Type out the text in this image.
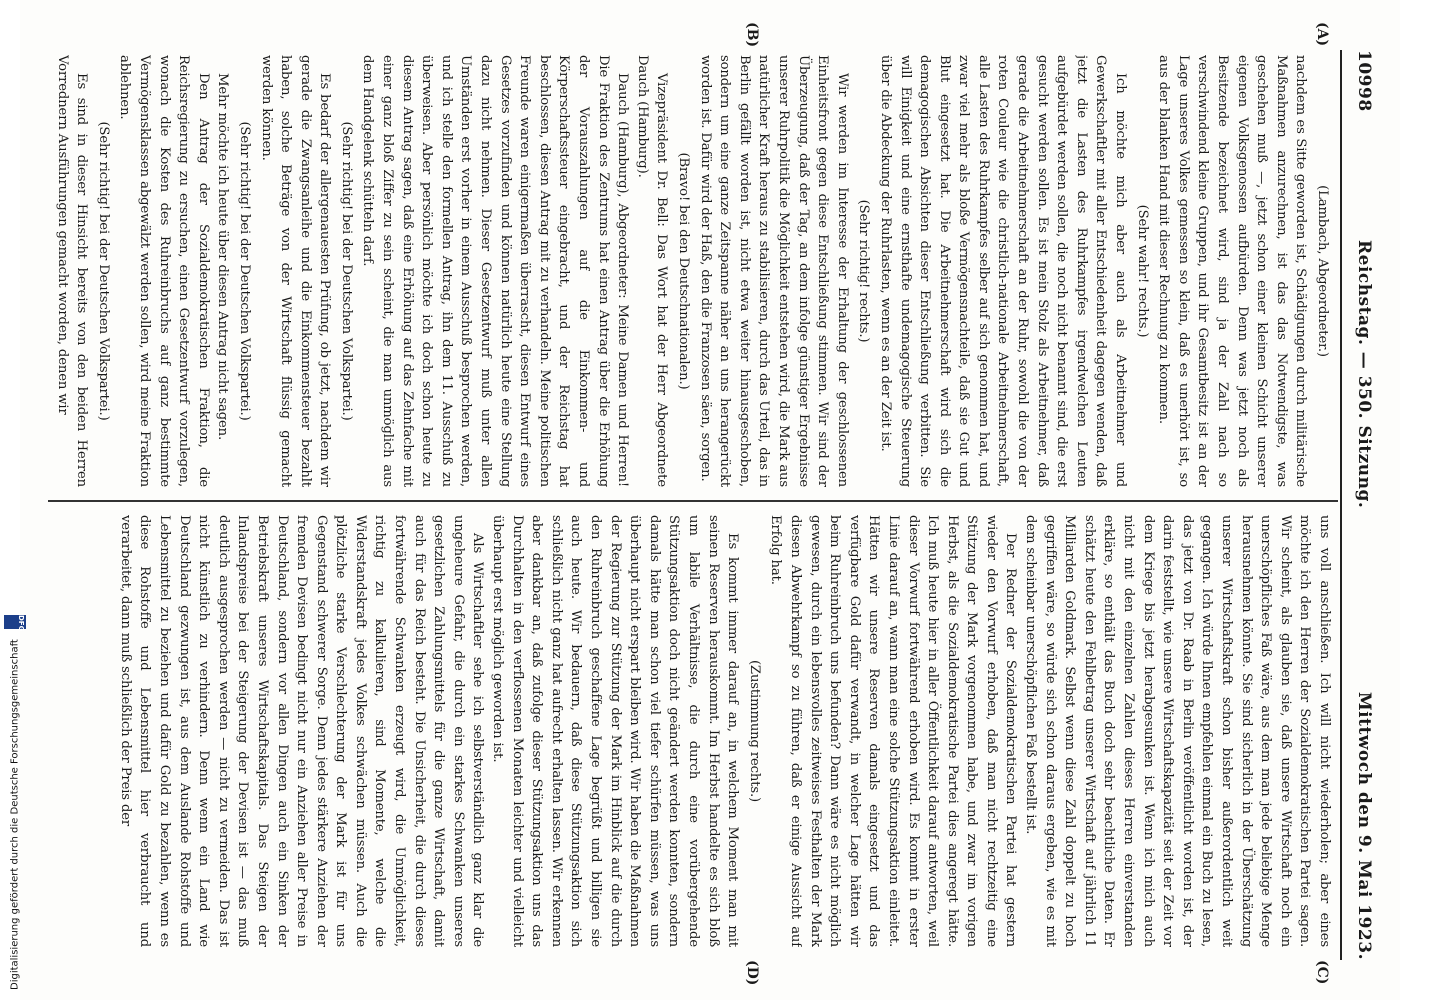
10998
Reichstag. — 350. Sitzung.
Mittwoch den 9. Mai 1923.
(A)
(B)
(C)
(D)

(Lambach, Abgeordneter.)

nachdem es Sitte geworden ist, Schädigungen durch militärische Maßnahmen anzurechnen, ist das das Notwendigste, was geschehen muß —, jetzt schon einer kleinen Schicht unserer eigenen Volksgenossen aufbürden. Denn was jetzt noch als Besitzende bezeichnet wird, sind ja der Zahl nach so verschwindend kleine Gruppen, und ihr Gesamtbesitz ist an der Lage unseres Volkes gemessen so klein, daß es unerhört ist, so aus der blanken Hand mit dieser Rechnung zu kommen.

(Sehr wahr! rechts.)

Ich möchte mich aber auch als Arbeitnehmer und Gewerkschaftler mit aller Entschiedenheit dagegen wenden, daß jetzt die Lasten des Ruhrkampfes irgendwelchen Leuten aufgebürdet werden sollen, die noch nicht benannt sind, die erst gesucht werden sollen. Es ist mein Stolz als Arbeitnehmer, daß gerade die Arbeitnehmerschaft an der Ruhr, sowohl die von der roten Couleur wie die christlich-nationale Arbeitnehmerschaft, alle Lasten des Ruhrkampfes selber auf sich genommen hat, und zwar viel mehr als bloße Vermögensnachteile, daß sie Gut und Blut eingesetzt hat. Die Arbeitnehmerschaft wird sich die demagogischen Absichten dieser Entschließung verbitten. Sie will Einigkeit und eine ernsthafte undemagogische Steuerung über die Abdeckung der Ruhrlasten, wenn es an der Zeit ist.

(Sehr richtig! rechts.)

Wir werden im Interesse der Erhaltung der geschlossenen Einheitsfront gegen diese Entschließung stimmen. Wir sind der Überzeugung, daß der Tag, an dem infolge günstiger Ergebnisse unserer Ruhrpolitik die Möglichkeit entstehen wird, die Mark aus natürlicher Kraft heraus zu stabilisieren, durch das Urteil, das in Berlin gefällt worden ist, nicht etwa weiter hinausgeschoben, sondern um eine ganze Zeitspanne näher an uns herangerückt worden ist. Dafür wird der Haß, den die Franzosen säen, sorgen.

(Bravo! bei den Deutschnationalen.)

Vizepräsident Dr. Bell: Das Wort hat der Herr Abgeordnete Dauch (Hamburg).

Dauch (Hamburg), Abgeordneter: Meine Damen und Herren! Die Fraktion des Zentrums hat einen Antrag über die Erhöhung der Vorauszahlungen auf die Einkommen- und Körperschaftssteuer eingebracht, und der Reichstag hat beschlossen, diesen Antrag mit zu verhandeln. Meine politischen Freunde waren einigermaßen überrascht, diesen Entwurf eines Gesetzes vorzufinden und können natürlich heute eine Stellung dazu nicht nehmen. Dieser Gesetzentwurf muß unter allen Umständen erst vorher in einem Ausschuß besprochen werden, und ich stelle den formellen Antrag, ihn dem 11. Ausschuß zu überweisen. Aber persönlich möchte ich doch schon heute zu diesem Antrag sagen, daß eine Erhöhung auf das Zehnfache mit einer ganz bloß Ziffer zu sein scheint, die man unmöglich aus dem Handgelenk schütteln darf.

(Sehr richtig! bei der Deutschen Volkspartei.)

Es bedarf der allergenauesten Prüfung, ob jetzt, nachdem wir gerade die Zwangsanleihe und die Einkommensteuer bezahlt haben, solche Beträge von der Wirtschaft flüssig gemacht werden können.

(Sehr richtig! bei der Deutschen Volkspartei.)

Mehr möchte ich heute über diesen Antrag nicht sagen.

Den Antrag der Sozialdemokratischen Fraktion, die Reichsregierung zu ersuchen, einen Gesetzentwurf vorzulegen, wonach die Kosten des Ruhreinbruchs auf ganz bestimmte Vermögensklassen abgewälzt werden sollen, wird meine Fraktion ablehnen.

(Sehr richtig! bei der Deutschen Volkspartei.)

Es sind in dieser Hinsicht bereits von den beiden Herren Vorrednern Ausführungen gemacht worden, denen wir

uns voll anschließen. Ich will nicht wiederholen; aber eines möchte ich den Herren der Sozialdemokratischen Partei sagen. Wir scheint, als glauben sie, daß unsere Wirtschaft noch ein unerschöpfliches Faß wäre, aus dem man jede beliebige Menge herausnehmen könnte. Sie sind sicherlich in der Überschätzung unserer Wirtschaftskraft schon bisher außerordentlich weit gegangen. Ich würde Ihnen empfehlen einmal ein Buch zu lesen, das jetzt von Dr. Raab in Berlin veröffentlicht worden ist, der darin feststellt, wie unsere Wirtschaftskapazität seit der Zeit vor dem Kriege bis jetzt herabgesunken ist. Wenn ich mich auch nicht mit den einzelnen Zahlen dieses Herren einverstanden erkläre, so enthält das Buch doch sehr beachtliche Daten. Er schätzt heute den Fehlbetrag unserer Wirtschaft auf jährlich 11 Milliarden Goldmark. Selbst wenn diese Zahl doppelt zu hoch gegriffen wäre, so würde sich schon daraus ergeben, wie es mit dem scheinbar unerschöpflichen Faß bestellt ist.

Der Redner der Sozialdemokratischen Partei hat gestern wieder den Vorwurf erhoben, daß man nicht rechtzeitig eine Stützung der Mark vorgenommen habe, und zwar im vorigen Herbst, als die Sozialdemokratische Partei dies angeregt hätte. Ich muß heute hier in aller Öffentlichkeit darauf antworten, weil dieser Vorwurf fortwährend erhoben wird. Es kommt in erster Linie darauf an, wann man eine solche Stützungsaktion einleitet. Hätten wir unsere Reserven damals eingesetzt und das verfügbare Gold dafür verwandt, in welcher Lage hätten wir beim Ruhreinbruch uns befunden? Dann wäre es nicht möglich gewesen, durch ein lebensvolles zeitweises Festhalten der Mark diesen Abwehrkampf so zu führen, daß er einige Aussicht auf Erfolg hat.

(Zustimmung rechts.)

Es kommt immer darauf an, in welchem Moment man mit seinen Reserven herauskommt. Im Herbst handelte es sich bloß um labile Verhältnisse, die durch eine vorübergehende Stützungsaktion doch nicht geändert werden konnten, sondern damals hätte man schon viel tiefer schürfen müssen, was uns überhaupt nicht erspart bleiben wird. Wir haben die Maßnahmen der Regierung zur Stützung der Mark im Hinblick auf die durch den Ruhreinbruch geschaffene Lage begrüßt und billigen sie auch heute. Wir bedauern, daß diese Stützungsaktion sich schließlich nicht ganz hat aufrecht erhalten lassen. Wir erkennen aber dankbar an, daß zufolge dieser Stützungsaktion uns das Durchhalten in den verflossenen Monaten leichter und vielleicht überhaupt erst möglich geworden ist.

Als Wirtschaftler sehe ich selbstverständlich ganz klar die ungeheure Gefahr, die durch ein starkes Schwanken unseres gesetzlichen Zahlungsmittels für die ganze Wirtschaft, damit auch für das Reich besteht. Die Unsicherheit, die durch dieses fortwährende Schwanken erzeugt wird, die Unmöglichkeit, richtig zu kalkulieren, sind Momente, welche die Widerstandskraft jedes Volkes schwächen müssen. Auch die plötzliche starke Verschlechterung der Mark ist für uns Gegenstand schwerer Sorge. Denn jedes stärkere Anziehen der fremden Devisen bedingt nicht nur ein Anziehen aller Preise in Deutschland, sondern vor allen Dingen auch ein Sinken der Betriebskraft unseres Wirtschaftskapitals. Das Steigen der Inlandspreise bei der Steigerung der Devisen ist — das muß deutlich ausgesprochen werden — nicht zu vermeiden. Das ist nicht künstlich zu verhindern. Denn wenn ein Land wie Deutschland gezwungen ist, aus dem Auslande Rohstoffe und Lebensmittel zu beziehen und dafür Gold zu bezahlen, wenn es diese Rohstoffe und Lebensmittel hier verbraucht und verarbeitet, dann muß schließlich der Preis der

Digitalisierung gefördert durch die Deutsche Forschungsgemeinschaft
DFG
